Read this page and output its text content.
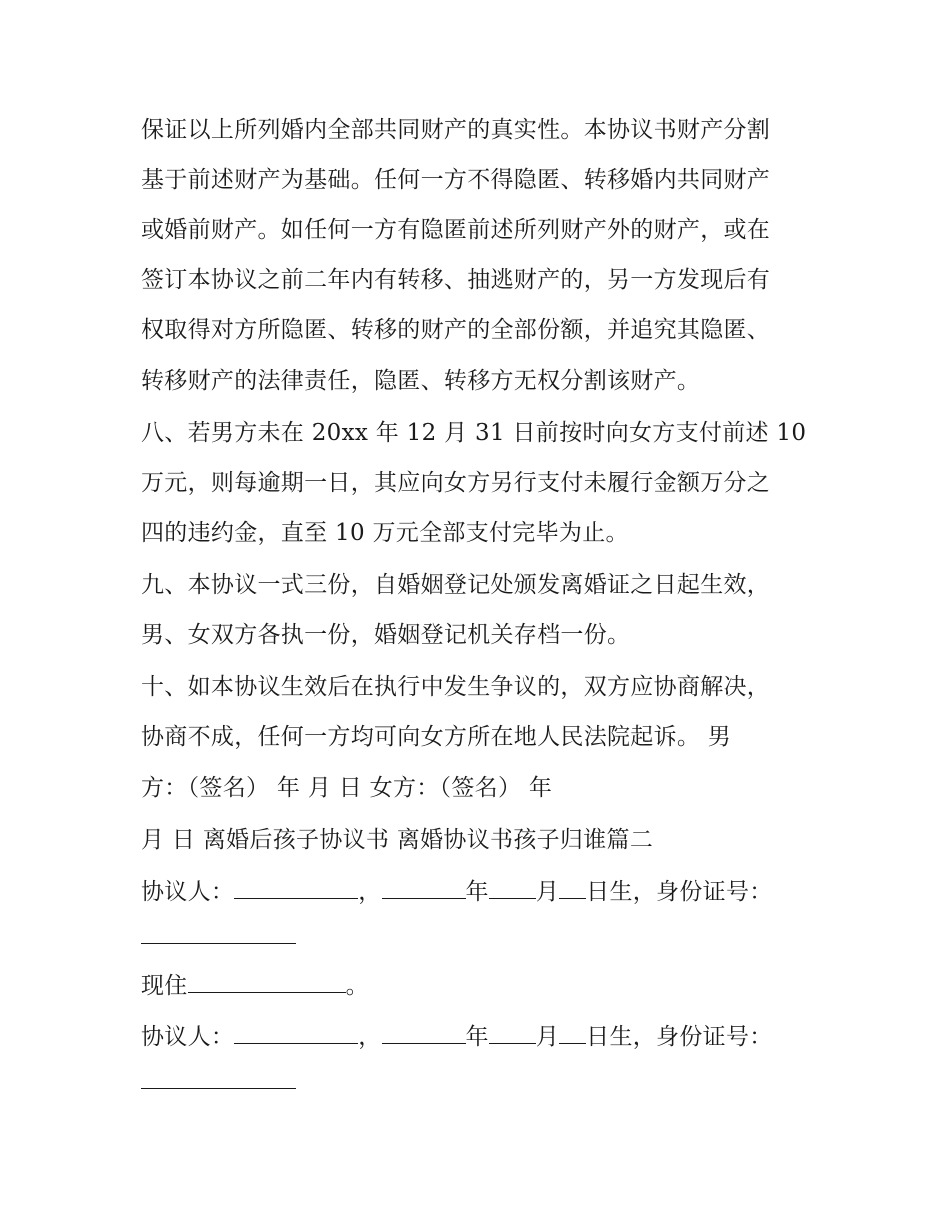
保证以上所列婚内全部共同财产的真实性。本协议书财产分割
基于前述财产为基础。任何一方不得隐匿、转移婚内共同财产
或婚前财产。如任何一方有隐匿前述所列财产外的财产，或在
签订本协议之前二年内有转移、抽逃财产的，另一方发现后有
权取得对方所隐匿、转移的财产的全部份额，并追究其隐匿、
转移财产的法律责任，隐匿、转移方无权分割该财产。
八、若男方未在 20xx 年 12 月 31 日前按时向女方支付前述 10
万元，则每逾期一日，其应向女方另行支付未履行金额万分之
四的违约金，直至 10 万元全部支付完毕为止。
九、本协议一式三份，自婚姻登记处颁发离婚证之日起生效，
男、女双方各执一份，婚姻登记机关存档一份。
十、如本协议生效后在执行中发生争议的，双方应协商解决，
协商不成，任何一方均可向女方所在地人民法院起诉。 男
方：（签名） 年 月 日 女方：（签名） 年
月 日 离婚后孩子协议书 离婚协议书孩子归谁篇二
协议人：	，	年 月 日生，身份证号：
现住	。
协议人：	，	年 月 日生，身份证号：
